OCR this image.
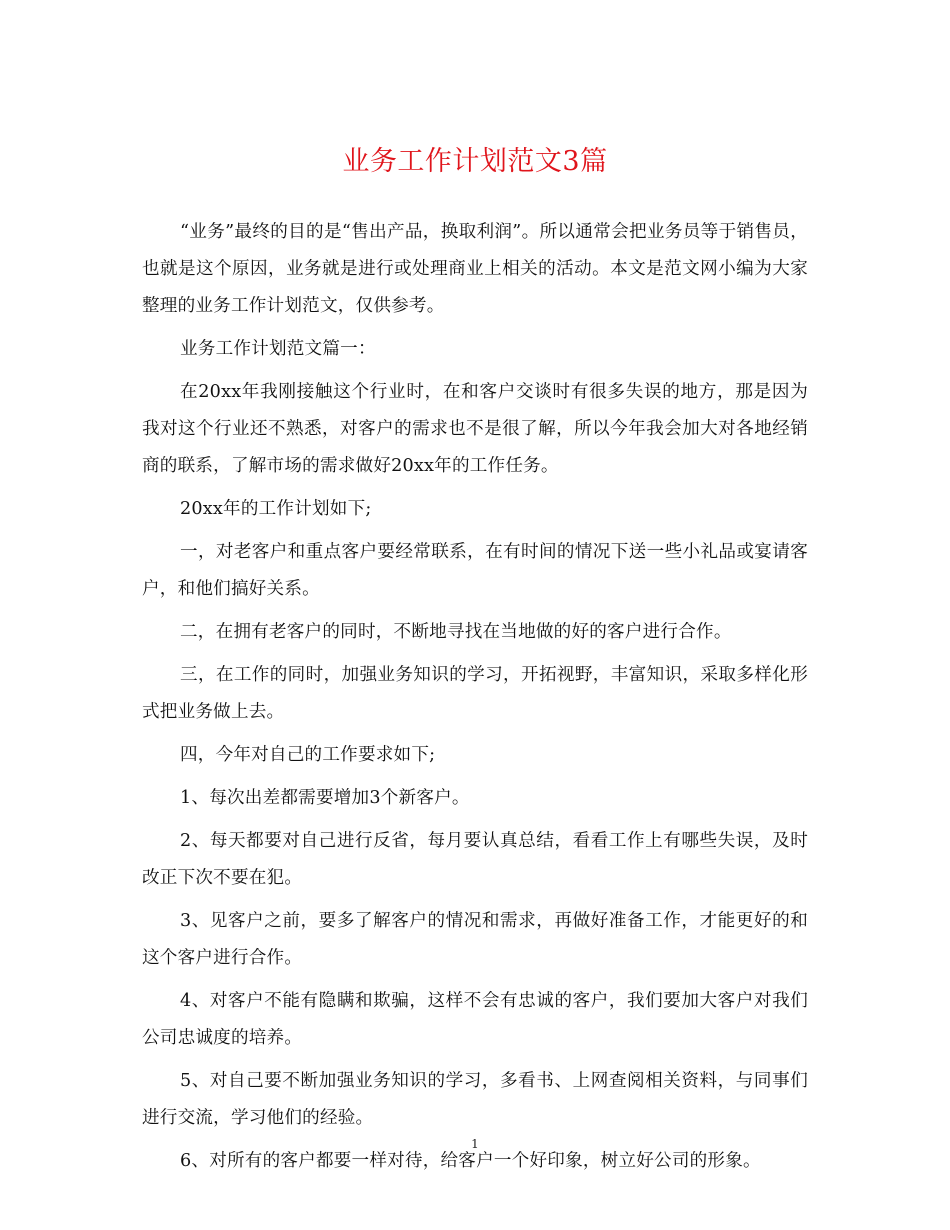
业务工作计划范文3篇

“业务”最终的目的是“售出产品，换取利润”。所以通常会把业务员等于销售员，也就是这个原因，业务就是进行或处理商业上相关的活动。本文是范文网小编为大家整理的业务工作计划范文，仅供参考。

业务工作计划范文篇一：

在20xx年我刚接触这个行业时，在和客户交谈时有很多失误的地方，那是因为我对这个行业还不熟悉，对客户的需求也不是很了解，所以今年我会加大对各地经销商的联系，了解市场的需求做好20xx年的工作任务。

20xx年的工作计划如下;

一，对老客户和重点客户要经常联系，在有时间的情况下送一些小礼品或宴请客户，和他们搞好关系。

二，在拥有老客户的同时，不断地寻找在当地做的好的客户进行合作。

三，在工作的同时，加强业务知识的学习，开拓视野，丰富知识，采取多样化形式把业务做上去。

四，今年对自己的工作要求如下;

1、每次出差都需要增加3个新客户。

2、每天都要对自己进行反省，每月要认真总结，看看工作上有哪些失误，及时改正下次不要在犯。

3、见客户之前，要多了解客户的情况和需求，再做好准备工作，才能更好的和这个客户进行合作。

4、对客户不能有隐瞒和欺骗，这样不会有忠诚的客户，我们要加大客户对我们公司忠诚度的培养。

5、对自己要不断加强业务知识的学习，多看书、上网查阅相关资料，与同事们进行交流，学习他们的经验。

6、对所有的客户都要一样对待，给客户一个好印象，树立好公司的形象。

1
